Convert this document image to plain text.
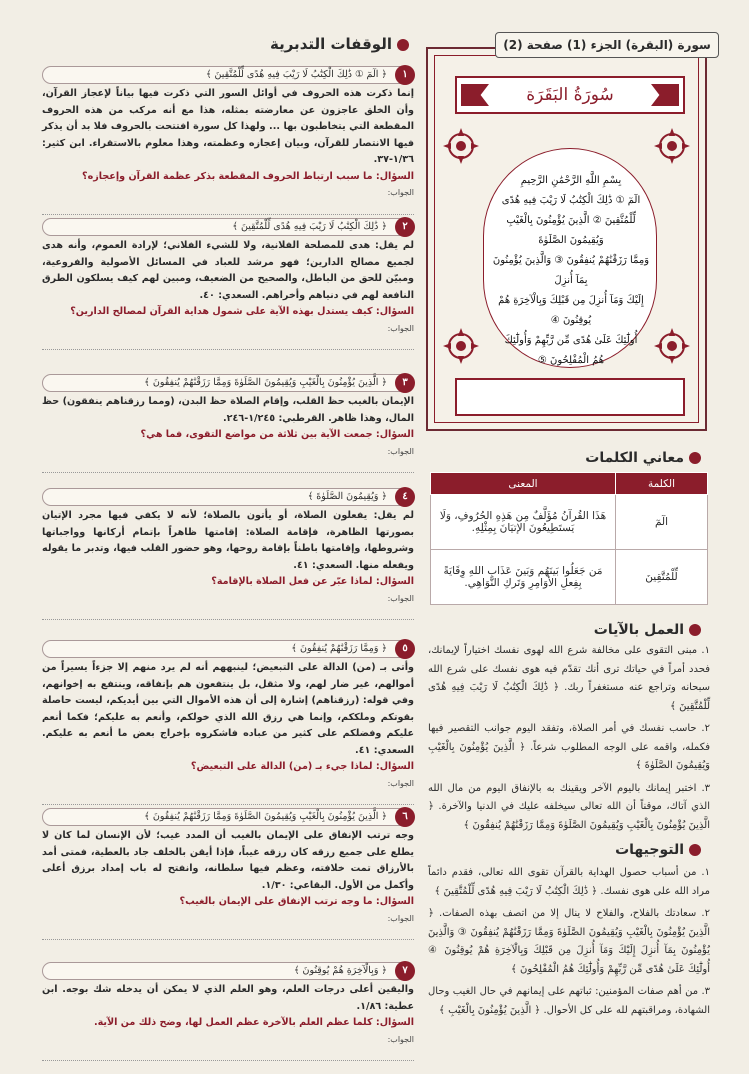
سُورَةُ البَقَرَة
بِسْمِ اللَّهِ الرَّحْمَٰنِ الرَّحِيمِ
الٓمٓ ① ذَٰلِكَ الْكِتَٰبُ لَا رَيْبَ فِيهِ هُدًى
لِّلْمُتَّقِينَ ② الَّذِينَ يُؤْمِنُونَ بِالْغَيْبِ وَيُقِيمُونَ الصَّلَوٰةَ
وَمِمَّا رَزَقْنَٰهُمْ يُنفِقُونَ ③ وَالَّذِينَ يُؤْمِنُونَ بِمَآ أُنزِلَ
إِلَيْكَ وَمَآ أُنزِلَ مِن قَبْلِكَ وَبِالْآخِرَةِ هُمْ يُوقِنُونَ ④
أُولَٰٓئِكَ عَلَىٰ هُدًى مِّن رَّبِّهِمْ وَأُولَٰٓئِكَ
هُمُ الْمُفْلِحُونَ ⑤
سورة (البقرة) الجزء (1) صفحة (2)
معاني الكلمات
الكلمة	المعنى
الٓمٓ	هَذَا القُرآنُ مُؤَلَّفٌ مِن هَذِهِ الحُرُوفِ، وَلَا يَستَطِيعُونَ الإتيَانَ بِمِثْلِهِ.
لِّلْمُتَّقِينَ	مَن جَعَلُوا بَينَهُم وَبَينَ عَذَابِ اللهِ وِقَايَةً بِفِعلِ الأوَامِرِ وَتَركِ النَّوَاهِي.
العمل بالآيات

١. مبنى التقوى على مخالفة شرع الله لهوى نفسك اختياراً لإيمانك، فحدد أمراً في حياتك ترى أنك تقدّم فيه هوى نفسك على شرع الله سبحانه وتراجع عنه مستغفراً ربك. ﴿ ذَٰلِكَ الْكِتَٰبُ لَا رَيْبَ فِيهِ هُدًى لِّلْمُتَّقِينَ ﴾

٢. حاسب نفسك في أمر الصلاة، وتفقد اليوم جوانب التقصير فيها فكمله، واقمه على الوجه المطلوب شرعاً. ﴿ الَّذِينَ يُؤْمِنُونَ بِالْغَيْبِ وَيُقِيمُونَ الصَّلَوٰةَ ﴾

٣. اختبر إيمانك باليوم الآخر ويقينك به بالإنفاق اليوم من مال الله الذي آتاك، موقناً أن الله تعالى سيخلفه عليك في الدنيا والآخرة. ﴿ الَّذِينَ يُؤْمِنُونَ بِالْغَيْبِ وَيُقِيمُونَ الصَّلَوٰةَ وَمِمَّا رَزَقْنَٰهُمْ يُنفِقُونَ ﴾

التوجيهات

١. من أسباب حصول الهداية بالقرآن تقوى الله تعالى، فقدم دائماً مراد الله على هوى نفسك. ﴿ ذَٰلِكَ الْكِتَٰبُ لَا رَيْبَ فِيهِ هُدًى لِّلْمُتَّقِينَ ﴾

٢. سعادتك بالفلاح، والفلاح لا ينال إلا من اتصف بهذه الصفات. ﴿ الَّذِينَ يُؤْمِنُونَ بِالْغَيْبِ وَيُقِيمُونَ الصَّلَوٰةَ وَمِمَّا رَزَقْنَٰهُمْ يُنفِقُونَ ③ وَالَّذِينَ يُؤْمِنُونَ بِمَآ أُنزِلَ إِلَيْكَ وَمَآ أُنزِلَ مِن قَبْلِكَ وَبِالْآخِرَةِ هُمْ يُوقِنُونَ ④ أُولَٰٓئِكَ عَلَىٰ هُدًى مِّن رَّبِّهِمْ وَأُولَٰٓئِكَ هُمُ الْمُفْلِحُونَ ﴾

٣. من أهم صفات المؤمنين: ثباتهم على إيمانهم في حال الغيب وحال الشهادة، ومراقبتهم لله على كل الأحوال. ﴿ الَّذِينَ يُؤْمِنُونَ بِالْغَيْبِ ﴾

الوقفات التدبرية
١
﴿ الٓمٓ ① ذَٰلِكَ الْكِتَٰبُ لَا رَيْبَ فِيهِ هُدًى لِّلْمُتَّقِينَ ﴾
إنما ذكرت هذه الحروف في أوائل السور التي ذكرت فيها بياناً لإعجاز القرآن، وأن الخلق عاجزون عن معارضته بمثله، هذا مع أنه مركب من هذه الحروف المقطعة التي يتخاطبون بها ... ولهذا كل سورة افتتحت بالحروف فلا بد أن يذكر فيها الانتصار للقرآن، وبيان إعجازه وعظمته، وهذا معلوم بالاستقراء. ابن كثير: ١/٣٦-٣٧.
السؤال: ما سبب ارتباط الحروف المقطعة بذكر عظمة القرآن وإعجازه؟
الجواب:
٢
﴿ ذَٰلِكَ الْكِتَٰبُ لَا رَيْبَ فِيهِ هُدًى لِّلْمُتَّقِينَ ﴾
لم يقل: هدى للمصلحة الفلانية، ولا للشيء الفلاني؛ لإرادة العموم، وأنه هدى لجميع مصالح الدارين؛ فهو مرشد للعباد في المسائل الأصولية والفروعية، ومبيّن للحق من الباطل، والصحيح من الضعيف، ومبين لهم كيف يسلكون الطرق النافعة لهم في دنياهم وأخراهم. السعدي: ٤٠.
السؤال: كيف يستدل بهذه الآية على شمول هداية القرآن لمصالح الدارين؟
الجواب:
٣
﴿ الَّذِينَ يُؤْمِنُونَ بِالْغَيْبِ وَيُقِيمُونَ الصَّلَوٰةَ وَمِمَّا رَزَقْنَٰهُمْ يُنفِقُونَ ﴾
الإيمان بالغيب حظ القلب، وإقام الصلاة حظ البدن، (ومما رزقناهم ينفقون) حظ المال، وهذا ظاهر. القرطبي: ١/٢٤٥-٢٤٦.
السؤال: جمعت الآية بين ثلاثة من مواضع التقوى، فما هي؟
الجواب:
٤
﴿ وَيُقِيمُونَ الصَّلَوٰةَ ﴾
لم يقل: يفعلون الصلاة، أو يأتون بالصلاة؛ لأنه لا يكفي فيها مجرد الإتيان بصورتها الظاهرة، فإقامة الصلاة: إقامتها ظاهراً بإتمام أركانها وواجباتها وشروطها، وإقامتها باطناً بإقامة روحها، وهو حضور القلب فيها، وتدبر ما يقوله ويفعله منها. السعدي: ٤١.
السؤال: لماذا عبّر عن فعل الصلاة بالإقامة؟
الجواب:
٥
﴿ وَمِمَّا رَزَقْنَٰهُمْ يُنفِقُونَ ﴾
وأتى بـ (من) الدالة على التبعيض؛ لينبههم أنه لم يرد منهم إلا جزءاً يسيراً من أموالهم، غير ضار لهم، ولا مثقل، بل ينتفعون هم بإنفاقه، وينتفع به إخوانهم، وفي قوله: (رزقناهم) إشارة إلى أن هذه الأموال التي بين أيديكم، ليست حاصلة بقوتكم وملككم، وإنما هي رزق الله الذي خولكم، وأنعم به عليكم؛ فكما أنعم عليكم وفضلكم على كثير من عباده فاشكروه بإخراج بعض ما أنعم به عليكم. السعدي: ٤١.
السؤال: لماذا جيء بـ (من) الدالة على التبعيض؟
الجواب:
٦
﴿ الَّذِينَ يُؤْمِنُونَ بِالْغَيْبِ وَيُقِيمُونَ الصَّلَوٰةَ وَمِمَّا رَزَقْنَٰهُمْ يُنفِقُونَ ﴾
وجه ترتب الإنفاق على الإيمان بالغيب أن المدد غيب؛ لأن الإنسان لما كان لا يطلع على جميع رزقه كان رزقه غيباً، فإذا أيقن بالخلف جاد بالعطية، فمتى أمد بالأرزاق تمت خلافته، وعظم فيها سلطانه، وانفتح له باب إمداد برزق أعلى وأكمل من الأول. البقاعي: ١/٣٠.
السؤال: ما وجه ترتب الإنفاق على الإيمان بالغيب؟
الجواب:
٧
﴿ وَبِالْآخِرَةِ هُمْ يُوقِنُونَ ﴾
واليقين أعلى درجات العلم، وهو العلم الذي لا يمكن أن يدخله شك بوجه. ابن عطية: ١/٨٦.
السؤال: كلما عظم العلم بالآخرة عظم العمل لها، وضح ذلك من الآية.
الجواب:
